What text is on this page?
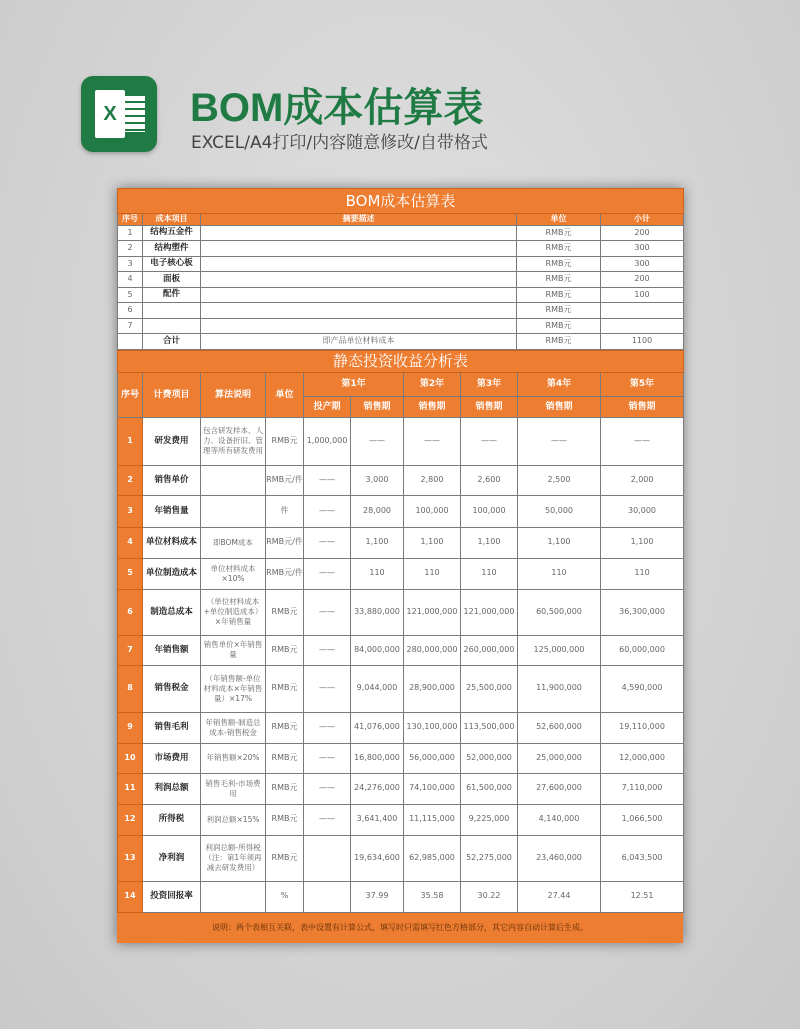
X BOM成本估算表
EXCEL/A4打印/内容随意修改/自带格式
BOM成本估算表				
序号	成本项目	摘要描述	单位	小计
1	结构五金件		RMB元	200
2	结构塑件		RMB元	300
3	电子核心板		RMB元	300
4	面板		RMB元	200
5	配件		RMB元	100
6			RMB元	
7			RMB元	
	合计	即产品单位材料成本	RMB元	1100
静态投资收益分析表									
序号	计费项目	算法说明	单位	第1年		第2年	第3年	第4年	第5年
				投产期	销售期	销售期	销售期	销售期	销售期
1	研发费用	包含研发样本、人力、设备折旧、管理等所有研发费用	RMB元	1,000,000	——	——	——	——	——
2	销售单价		RMB元/件	——	3,000	2,800	2,600	2,500	2,000
3	年销售量		件	——	28,000	100,000	100,000	50,000	30,000
4	单位材料成本	即BOM成本	RMB元/件	——	1,100	1,100	1,100	1,100	1,100
5	单位制造成本	单位材料成本×10%	RMB元/件	——	110	110	110	110	110
6	制造总成本	（单位材料成本+单位制造成本）×年销售量	RMB元	——	33,880,000	121,000,000	121,000,000	60,500,000	36,300,000
7	年销售额	销售单价×年销售量	RMB元	——	84,000,000	280,000,000	260,000,000	125,000,000	60,000,000
8	销售税金	（年销售额-单位材料成本×年销售量）×17%	RMB元	——	9,044,000	28,900,000	25,500,000	11,900,000	4,590,000
9	销售毛利	年销售额-制造总成本-销售税金	RMB元	——	41,076,000	130,100,000	113,500,000	52,600,000	19,110,000
10	市场费用	年销售额×20%	RMB元	——	16,800,000	56,000,000	52,000,000	25,000,000	12,000,000
11	利润总额	销售毛利-市场费用	RMB元	——	24,276,000	74,100,000	61,500,000	27,600,000	7,110,000
12	所得税	利润总额×15%	RMB元	——	3,641,400	11,115,000	9,225,000	4,140,000	1,066,500
13	净利润	利润总额-所得税（注：第1年须再减去研发费用）	RMB元		19,634,600	62,985,000	52,275,000	23,460,000	6,043,500
14	投资回报率		%		37.99	35.58	30.22	27.44	12.51
说明：两个表相互关联，表中设置有计算公式，填写时只需填写红色方格部分，其它内容自动计算后生成。
